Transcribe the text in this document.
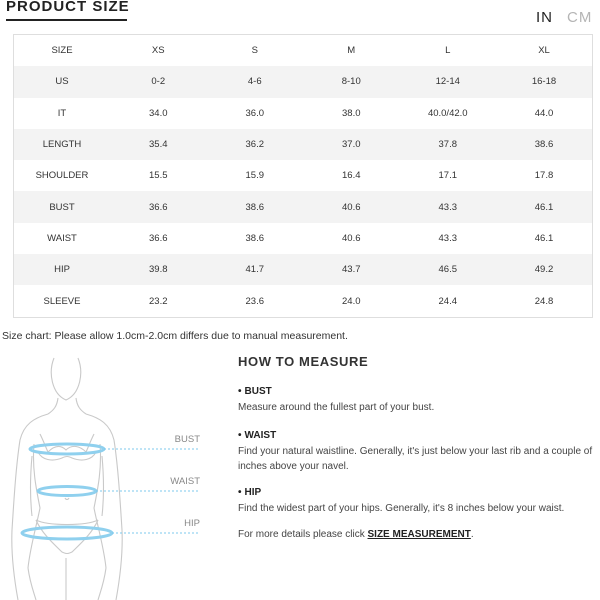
PRODUCT SIZE
IN CM
SIZE	XS	S	M	L	XL
US	0-2	4-6	8-10	12-14	16-18
IT	34.0	36.0	38.0	40.0/42.0	44.0
LENGTH	35.4	36.2	37.0	37.8	38.6
SHOULDER	15.5	15.9	16.4	17.1	17.8
BUST	36.6	38.6	40.6	43.3	46.1
WAIST	36.6	38.6	40.6	43.3	46.1
HIP	39.8	41.7	43.7	46.5	49.2
SLEEVE	23.2	23.6	24.0	24.4	24.8
Size chart: Please allow 1.0cm-2.0cm differs due to manual measurement.
BUST
WAIST
HIP
HOW TO MEASURE
• BUST
Measure around the fullest part of your bust.
• WAIST
Find your natural waistline. Generally, it's just below your last rib and a couple of inches above your navel.
• HIP
Find the widest part of your hips. Generally, it's 8 inches below your waist.
For more details please click SIZE MEASUREMENT.
